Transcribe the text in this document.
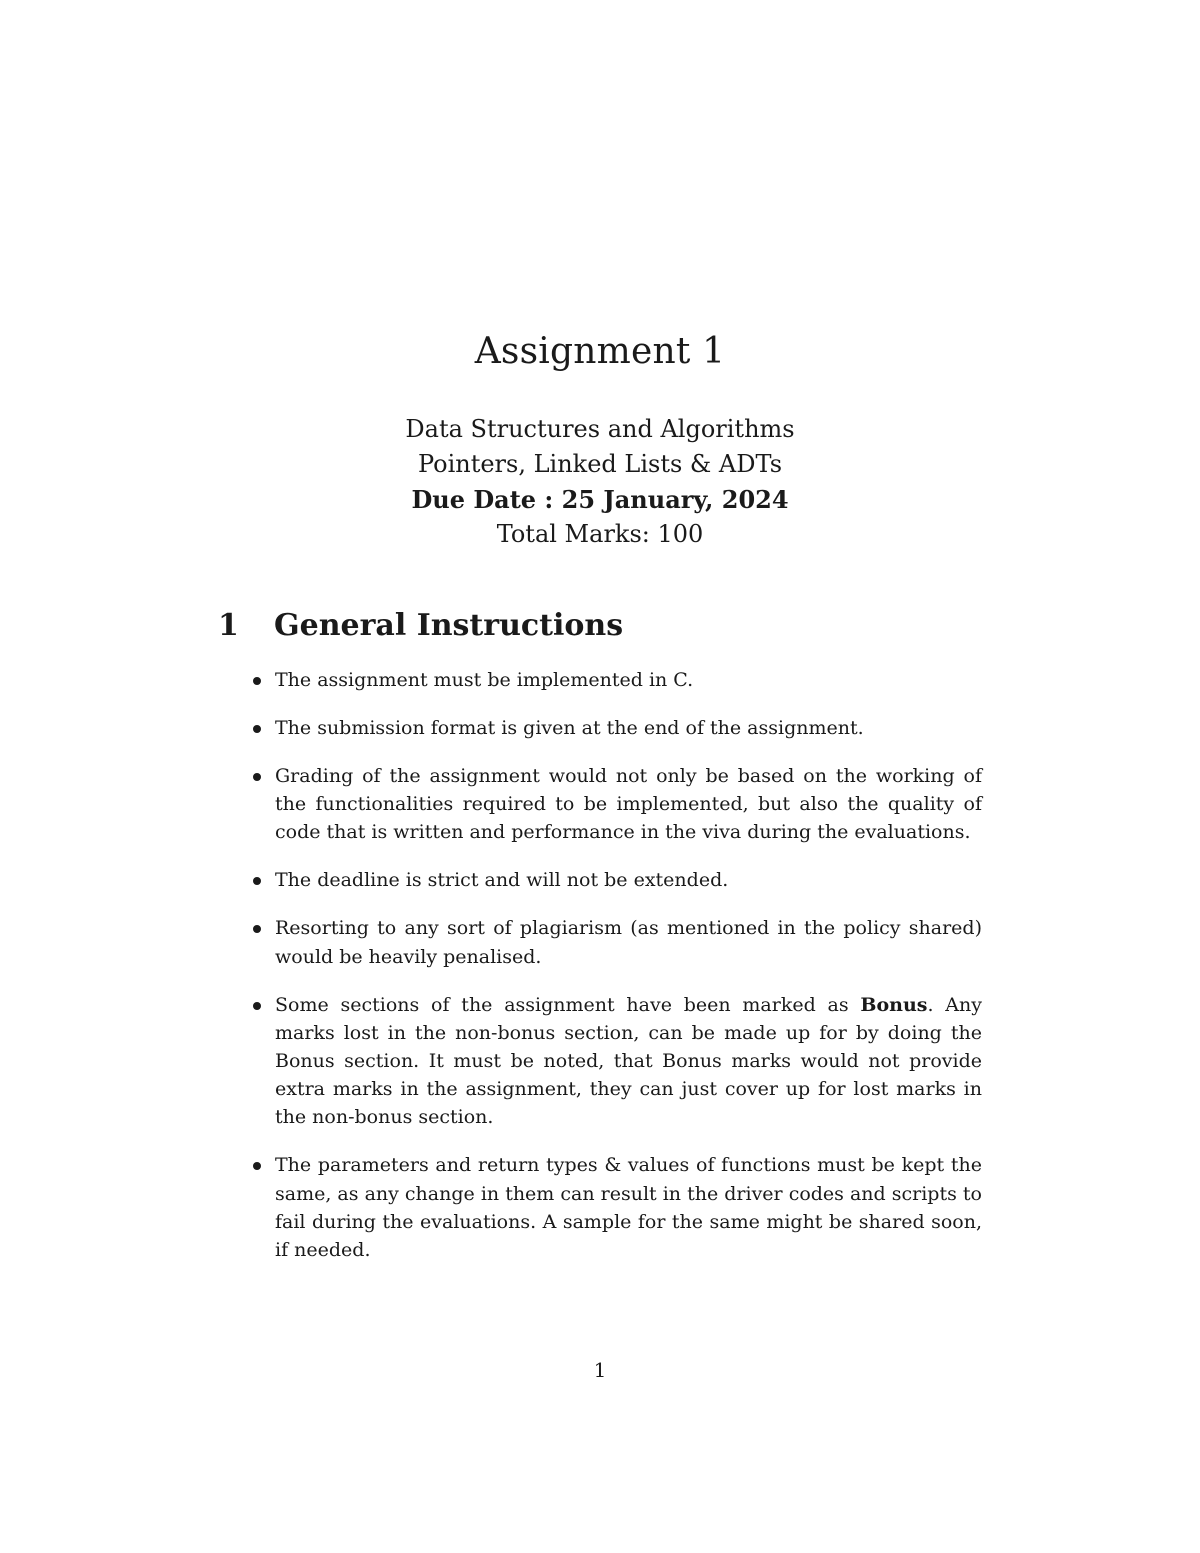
Assignment 1

Data Structures and Algorithms

Pointers, Linked Lists & ADTs

Due Date : 25 January, 2024

Total Marks: 100

1 General Instructions
The assignment must be implemented in C.
The submission format is given at the end of the assignment.
Grading of the assignment would not only be based on the working of the functionalities required to be implemented, but also the quality of code that is written and performance in the viva during the evaluations.
The deadline is strict and will not be extended.
Resorting to any sort of plagiarism (as mentioned in the policy shared) would be heavily penalised.
Some sections of the assignment have been marked as Bonus. Any marks lost in the non-bonus section, can be made up for by doing the Bonus section. It must be noted, that Bonus marks would not provide extra marks in the assignment, they can just cover up for lost marks in the non-bonus section.
The parameters and return types & values of functions must be kept the same, as any change in them can result in the driver codes and scripts to fail during the evaluations. A sample for the same might be shared soon, if needed.
1
